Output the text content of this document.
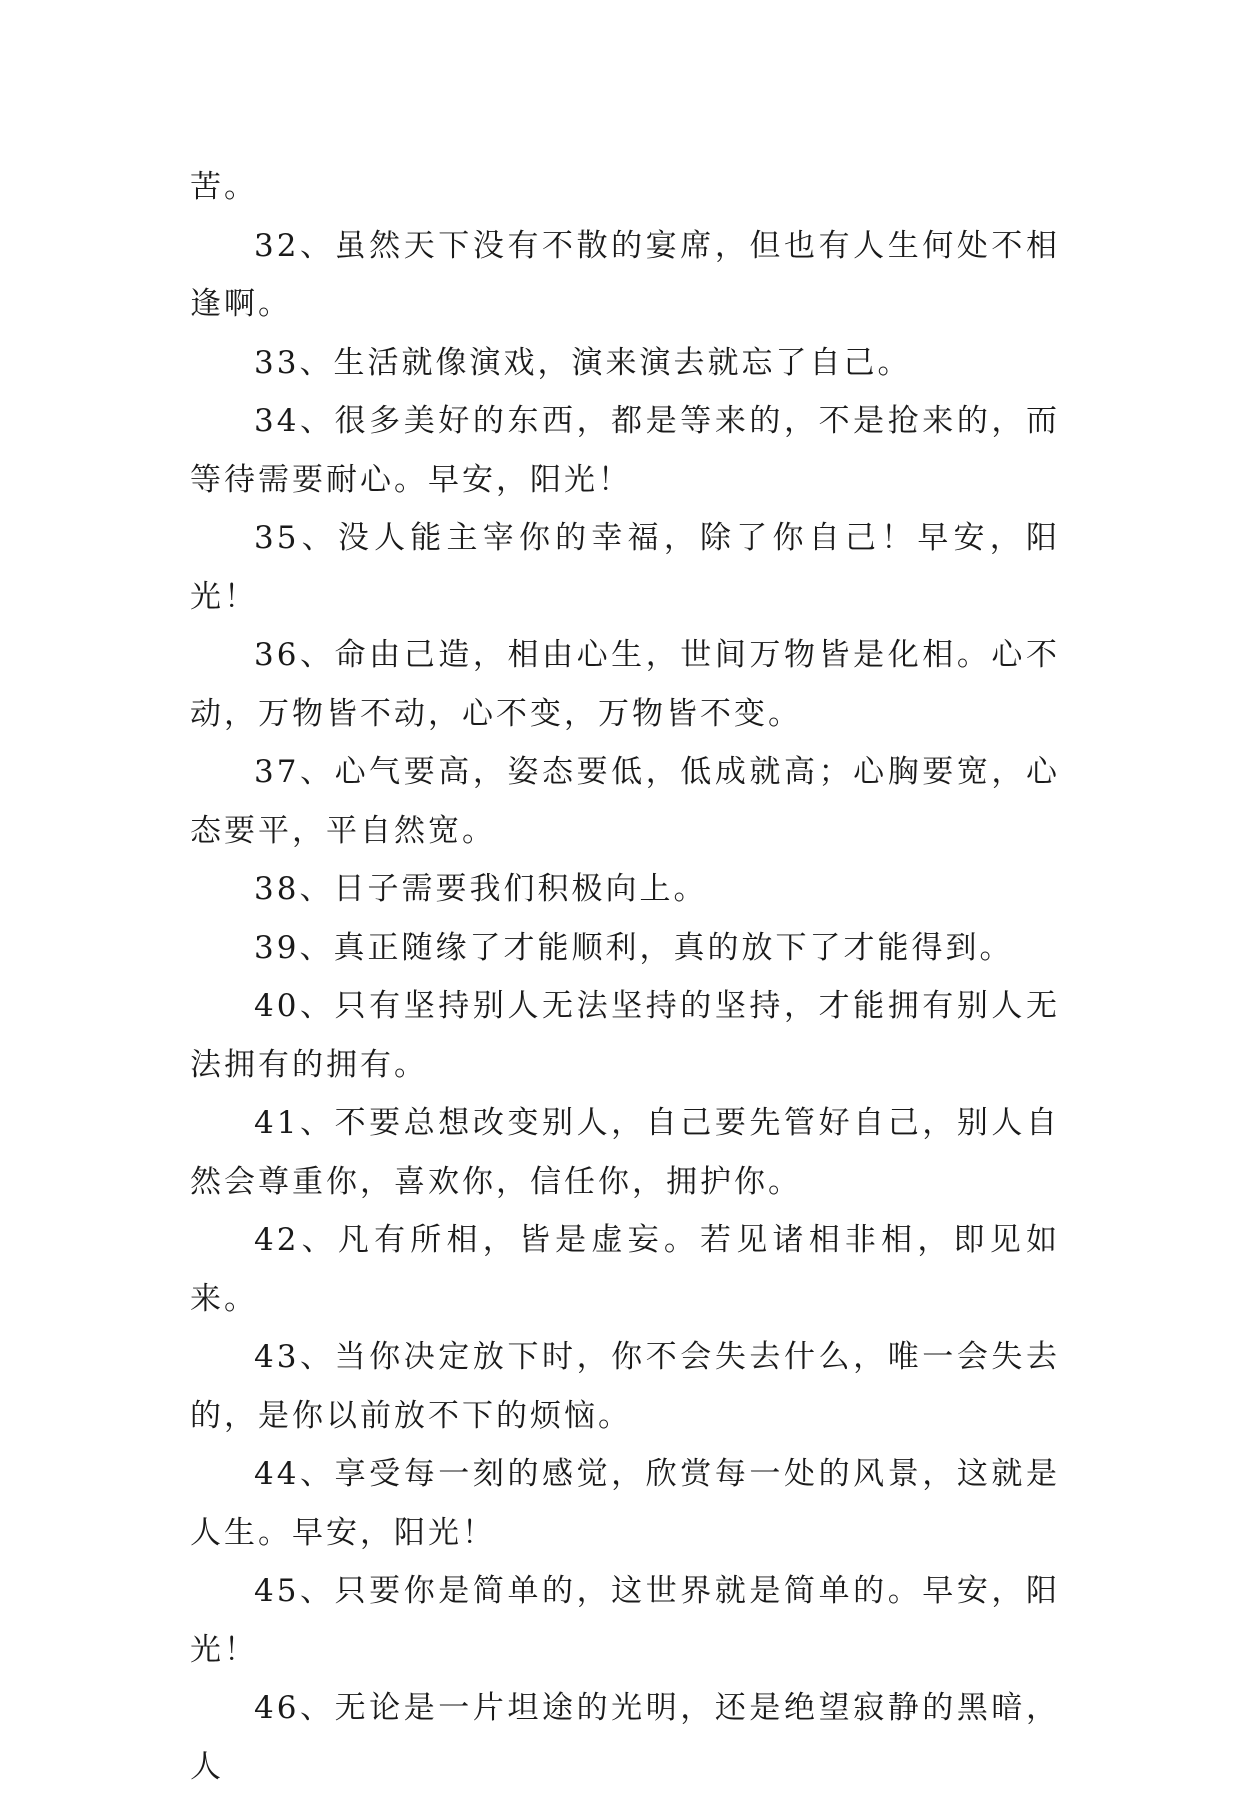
苦。

32、虽然天下没有不散的宴席，但也有人生何处不相逢啊。

33、生活就像演戏，演来演去就忘了自己。

34、很多美好的东西，都是等来的，不是抢来的，而等待需要耐心。早安，阳光！

35、没人能主宰你的幸福，除了你自己！早安，阳光！

36、命由己造，相由心生，世间万物皆是化相。心不动，万物皆不动，心不变，万物皆不变。

37、心气要高，姿态要低，低成就高；心胸要宽，心态要平，平自然宽。

38、日子需要我们积极向上。

39、真正随缘了才能顺利，真的放下了才能得到。

40、只有坚持别人无法坚持的坚持，才能拥有别人无法拥有的拥有。

41、不要总想改变别人，自己要先管好自己，别人自然会尊重你，喜欢你，信任你，拥护你。

42、凡有所相，皆是虚妄。若见诸相非相，即见如来。

43、当你决定放下时，你不会失去什么，唯一会失去的，是你以前放不下的烦恼。

44、享受每一刻的感觉，欣赏每一处的风景，这就是人生。早安，阳光！

45、只要你是简单的，这世界就是简单的。早安，阳光！

46、无论是一片坦途的光明，还是绝望寂静的黑暗，人
